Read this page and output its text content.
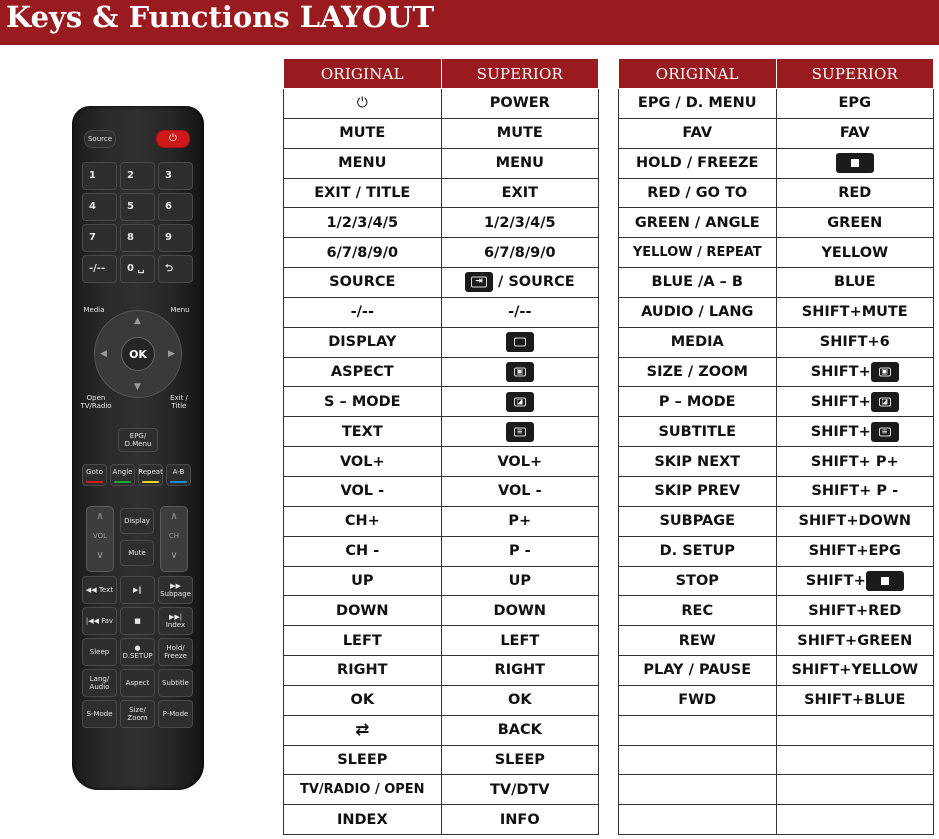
Keys & Functions LAYOUT
Source	⏻
1	2	3
4	5	6
7	8	9
-/--	0 ␣	⮌
Media	Menu
▲
▼
◀	▶
OK
Open TV/Radio
Exit / Title
EPG/ D.Menu
Goto Angle Repeat A-B
∧
VOL
∨
Display
Mute
∧
CH
∨
◀◀ Text	▶‖	▶▶ Subpage
|◀◀ Fav	■	▶▶| Index
Sleep	● D.SETUP
Hold/ Freeze
Lang/ Audio	Aspect	Subtitle
S-Mode	Size/ Zoom	P-Mode
ORIGINAL	SUPERIOR
⏻	POWER
MUTE	MUTE
MENU	MENU
EXIT / TITLE	EXIT
1/2/3/4/5	1/2/3/4/5
6/7/8/9/0	6/7/8/9/0
SOURCE	⇥ / SOURCE
-/--	-/--
DISPLAY	

ASPECT	▣

S – MODE	◪

TEXT	≡

VOL+	VOL+
VOL -	VOL -
CH+	P+
CH -	P -
UP	UP
DOWN	DOWN
LEFT	LEFT
RIGHT	RIGHT
OK	OK
⇄	BACK
SLEEP	SLEEP
TV/RADIO / OPEN	TV/DTV
INDEX	INFO
ORIGINAL	SUPERIOR
EPG / D. MENU	EPG
FAV	FAV
HOLD / FREEZE	

RED / GO TO	RED
GREEN / ANGLE	GREEN
YELLOW / REPEAT	YELLOW
BLUE /A – B	BLUE
AUDIO / LANG	SHIFT+MUTE
MEDIA	SHIFT+6
SIZE / ZOOM	SHIFT+ ▣

P – MODE	SHIFT+ ◪

SUBTITLE	SHIFT+ ≡

SKIP NEXT	SHIFT+ P+
SKIP PREV	SHIFT+ P -
SUBPAGE	SHIFT+DOWN
D. SETUP	SHIFT+EPG
STOP	SHIFT+

REC	SHIFT+RED
REW	SHIFT+GREEN
PLAY / PAUSE	SHIFT+YELLOW
FWD	SHIFT+BLUE
